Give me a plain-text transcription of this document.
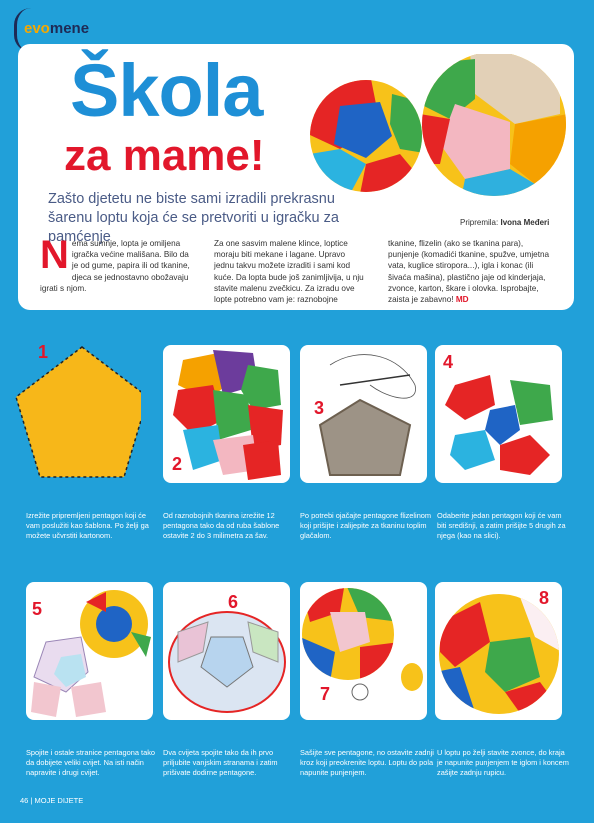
evomene
Škola
za mame!
Zašto djetetu ne biste sami izradili prekrasnu šarenu loptu koja će se pretvoriti u igračku za pamćenje
Pripremila: Ivona Međeri
Nema sumnje, lopta je omiljena igračka većine mališana. Bilo da je od gume, papira ili od tkanine, djeca se jednostavno obožavaju igrati s njom.
Za one sasvim malene klince, loptice moraju biti mekane i lagane. Upravo jednu takvu možete izraditi i sami kod kuće. Da lopta bude još zanimljivija, u nju stavite malenu zvečkicu. Za izradu ove lopte potrebno vam je: raznobojne
tkanine, flizelin (ako se tkanina para), punjenje (komadići tkanine, spužve, umjetna vata, kuglice stiropora...), igla i konac (ili šivaća mašina), plastično jaje od kinderjaja, zvonce, karton, škare i olovka. Isprobajte, zaista je zabavno! MD
1
2
3
4
Izrežite pripremljeni pentagon koji će vam poslužiti kao šablona. Po želji ga možete učvrstiti kartonom.
Od raznobojnih tkanina izrežite 12 pentagona tako da od ruba šablone ostavite 2 do 3 milimetra za šav.
Po potrebi ojačajte pentagone flizelinom koji prišijte i zalijepite za tkaninu toplim glačalom.
Odaberite jedan pentagon koji će vam biti središnji, a zatim prišijte 5 drugih za njega (kao na slici).
5	6
7
8
Spojite i ostale stranice pentagona tako da dobijete veliki cvijet. Na isti način napravite i drugi cvijet.
Dva cvijeta spojite tako da ih prvo priljubite vanjskim stranama i zatim prišivate dodirne pentagone.
Sašijte sve pentagone, no ostavite zadnji kroz koji preokrenite loptu. Loptu do pola napunite punjenjem.
U loptu po želji stavite zvonce, do kraja je napunite punjenjem te iglom i koncem zašijte zadnju rupicu.
46 | MOJE DIJETE
